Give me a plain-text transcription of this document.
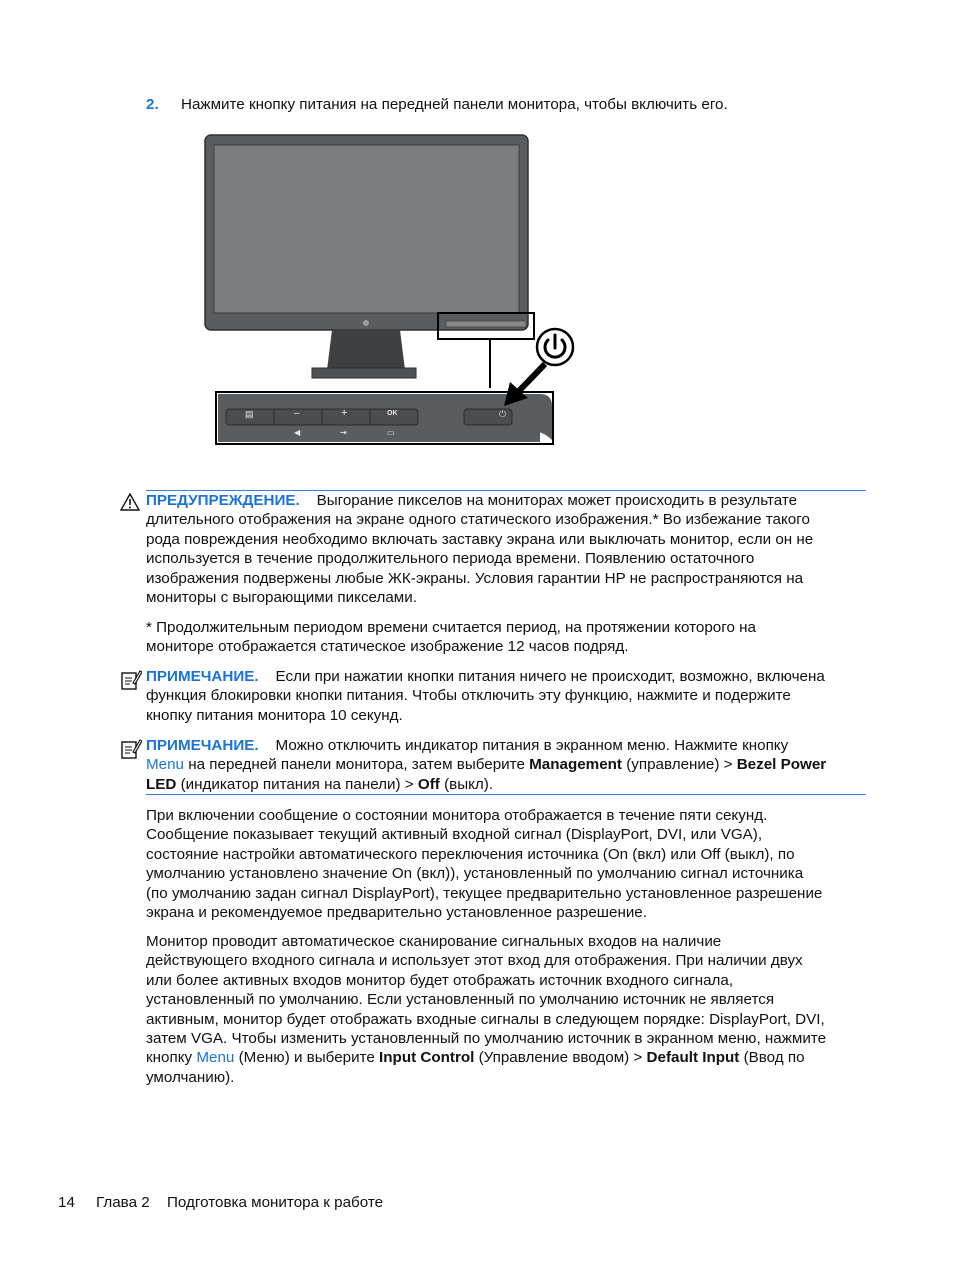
2. Нажмите кнопку питания на передней панели монитора, чтобы включить его.
▤	–	+	OK	⏻
◀	⇥	▭

ПРЕДУПРЕЖДЕНИЕ. Выгорание пикселов на мониторах может происходить в результате

длительного отображения на экране одного статического изображения.* Во избежание такого

рода повреждения необходимо включать заставку экрана или выключать монитор, если он не

используется в течение продолжительного периода времени. Появлению остаточного

изображения подвержены любые ЖК-экраны. Условия гарантии HP не распространяются на

мониторы с выгорающими пикселами.

* Продолжительным периодом времени считается период, на протяжении которого на

мониторе отображается статическое изображение 12 часов подряд.

ПРИМЕЧАНИЕ. Если при нажатии кнопки питания ничего не происходит, возможно, включена

функция блокировки кнопки питания. Чтобы отключить эту функцию, нажмите и подержите

кнопку питания монитора 10 секунд.

ПРИМЕЧАНИЕ. Можно отключить индикатор питания в экранном меню. Нажмите кнопку

Menu на передней панели монитора, затем выберите Management (управление) > Bezel Power

LED (индикатор питания на панели) > Off (выкл).

При включении сообщение о состоянии монитора отображается в течение пяти секунд.

Сообщение показывает текущий активный входной сигнал (DisplayPort, DVI, или VGA),

состояние настройки автоматического переключения источника (On (вкл) или Off (выкл), по

умолчанию установлено значение On (вкл)), установленный по умолчанию сигнал источника

(по умолчанию задан сигнал DisplayPort), текущее предварительно установленное разрешение

экрана и рекомендуемое предварительно установленное разрешение.

Монитор проводит автоматическое сканирование сигнальных входов на наличие

действующего входного сигнала и использует этот вход для отображения. При наличии двух

или более активных входов монитор будет отображать источник входного сигнала,

установленный по умолчанию. Если установленный по умолчанию источник не является

активным, монитор будет отображать входные сигналы в следующем порядке: DisplayPort, DVI,

затем VGA. Чтобы изменить установленный по умолчанию источник в экранном меню, нажмите

кнопку Menu (Меню) и выберите Input Control (Управление вводом) > Default Input (Ввод по

умолчанию).

14 Глава 2 Подготовка монитора к работе
